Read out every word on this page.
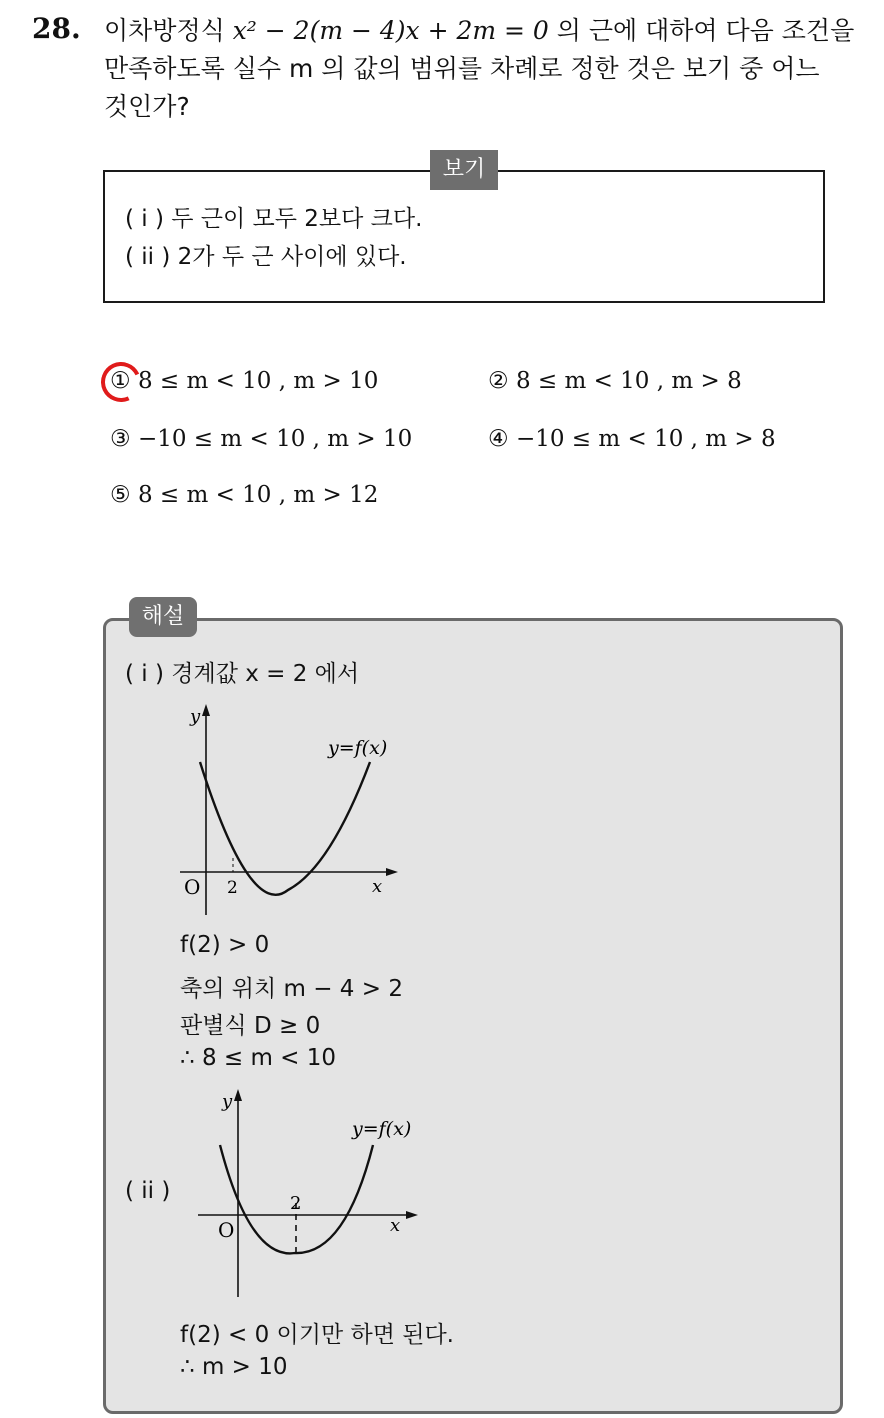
28. 이차방정식 x² − 2(m − 4)x + 2m = 0 의 근에 대하여 다음 조건을
만족하도록 실수 m 의 값의 범위를 차례로 정한 것은 보기 중 어느
것인가?
보기
( i ) 두 근이 모두 2보다 크다.
( ii ) 2가 두 근 사이에 있다.
① 8 ≤ m < 10 , m > 10	② 8 ≤ m < 10 , m > 8
③ −10 ≤ m < 10 , m > 10	④ −10 ≤ m < 10 , m > 8
⑤ 8 ≤ m < 10 , m > 12
해설
( i ) 경계값 x = 2 에서
y
x
O 2
y=f(x)
f(2) > 0
축의 위치 m − 4 > 2
판별식 D ≥ 0
∴ 8 ≤ m < 10
( ii )
y
x
O
2
y=f(x)
f(2) < 0 이기만 하면 된다.
∴ m > 10
